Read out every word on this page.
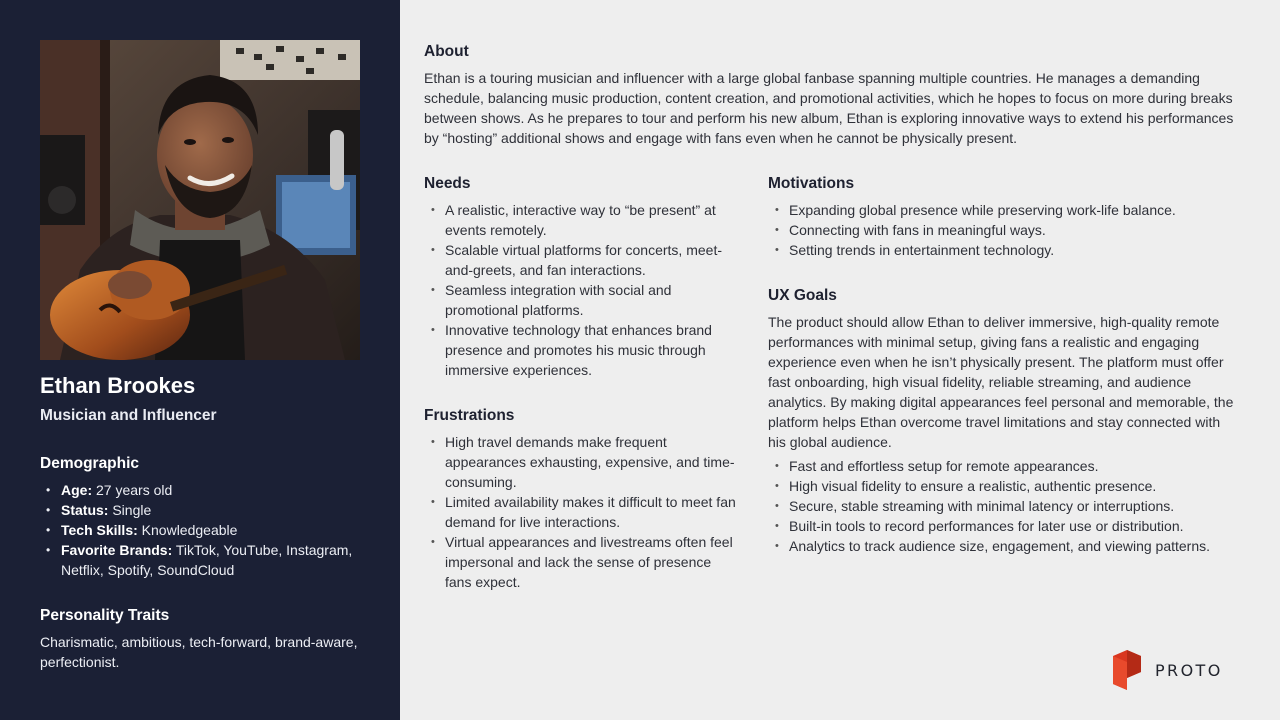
Ethan Brookes
Musician and Influencer
Demographic
• Age: 27 years old
• Status: Single
• Tech Skills: Knowledgeable
• Favorite Brands: TikTok, YouTube, Instagram, Netflix, Spotify, SoundCloud
Personality Traits

Charismatic, ambitious, tech-forward, brand-aware, perfectionist.

About

Ethan is a touring musician and influencer with a large global fanbase spanning multiple countries. He manages a demanding schedule, balancing music production, content creation, and promotional activities, which he hopes to focus on more during breaks between shows. As he prepares to tour and perform his new album, Ethan is exploring innovative ways to extend his performances by “hosting” additional shows and engage with fans even when he cannot be physically present.

Needs
• A realistic, interactive way to “be present” at events remotely.
• Scalable virtual platforms for concerts, meet-and-greets, and fan interactions.
• Seamless integration with social and promotional platforms.
• Innovative technology that enhances brand presence and promotes his music through immersive experiences.
Frustrations
• High travel demands make frequent appearances exhausting, expensive, and time-consuming.
• Limited availability makes it difficult to meet fan demand for live interactions.
• Virtual appearances and livestreams often feel impersonal and lack the sense of presence fans expect.
Motivations
• Expanding global presence while preserving work-life balance.
• Connecting with fans in meaningful ways.
• Setting trends in entertainment technology.
UX Goals

The product should allow Ethan to deliver immersive, high-quality remote performances with minimal setup, giving fans a realistic and engaging experience even when he isn’t physically present. The platform must offer fast onboarding, high visual fidelity, reliable streaming, and audience analytics. By making digital appearances feel personal and memorable, the platform helps Ethan overcome travel limitations and stay connected with his global audience.

• Fast and effortless setup for remote appearances.
• High visual fidelity to ensure a realistic, authentic presence.
• Secure, stable streaming with minimal latency or interruptions.
• Built-in tools to record performances for later use or distribution.
• Analytics to track audience size, engagement, and viewing patterns.
PROTO
